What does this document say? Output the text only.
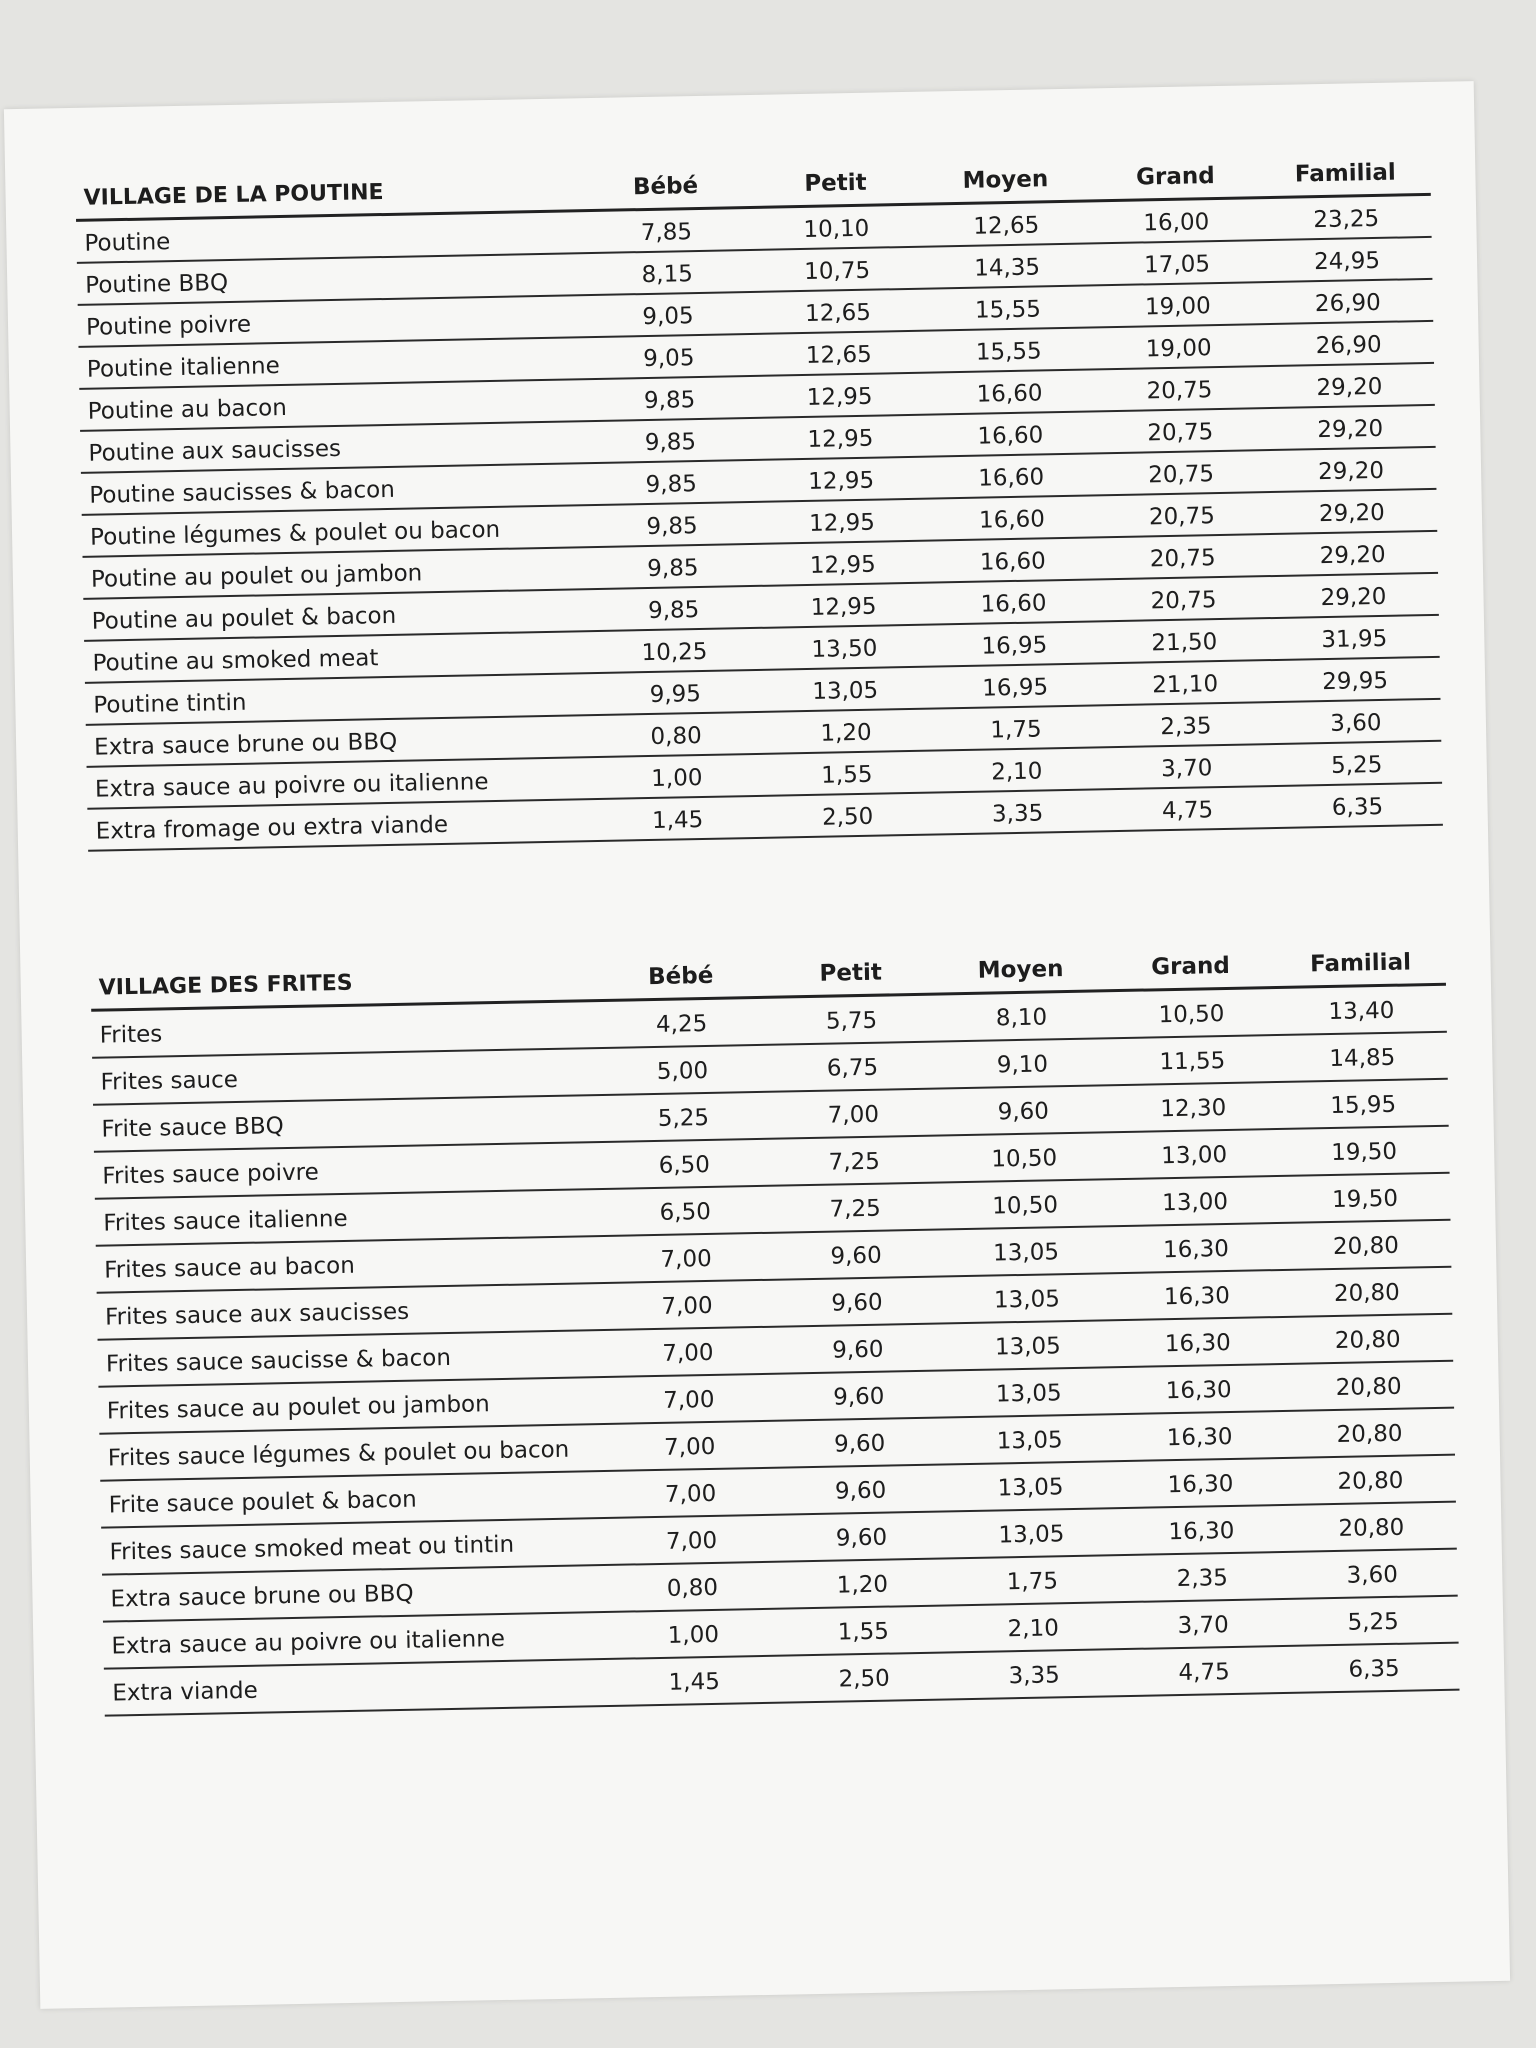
VILLAGE DE LA POUTINE	Bébé	Petit	Moyen	Grand	Familial
Poutine	7,85	10,10	12,65	16,00	23,25
Poutine BBQ	8,15	10,75	14,35	17,05	24,95
Poutine poivre	9,05	12,65	15,55	19,00	26,90
Poutine italienne	9,05	12,65	15,55	19,00	26,90
Poutine au bacon	9,85	12,95	16,60	20,75	29,20
Poutine aux saucisses	9,85	12,95	16,60	20,75	29,20
Poutine saucisses & bacon	9,85	12,95	16,60	20,75	29,20
Poutine légumes & poulet ou bacon	9,85	12,95	16,60	20,75	29,20
Poutine au poulet ou jambon	9,85	12,95	16,60	20,75	29,20
Poutine au poulet & bacon	9,85	12,95	16,60	20,75	29,20
Poutine au smoked meat	10,25	13,50	16,95	21,50	31,95
Poutine tintin	9,95	13,05	16,95	21,10	29,95
Extra sauce brune ou BBQ	0,80	1,20	1,75	2,35	3,60
Extra sauce au poivre ou italienne	1,00	1,55	2,10	3,70	5,25
Extra fromage ou extra viande	1,45	2,50	3,35	4,75	6,35
VILLAGE DES FRITES	Bébé	Petit	Moyen	Grand	Familial
Frites	4,25	5,75	8,10	10,50	13,40
Frites sauce	5,00	6,75	9,10	11,55	14,85
Frite sauce BBQ	5,25	7,00	9,60	12,30	15,95
Frites sauce poivre	6,50	7,25	10,50	13,00	19,50
Frites sauce italienne	6,50	7,25	10,50	13,00	19,50
Frites sauce au bacon	7,00	9,60	13,05	16,30	20,80
Frites sauce aux saucisses	7,00	9,60	13,05	16,30	20,80
Frites sauce saucisse & bacon	7,00	9,60	13,05	16,30	20,80
Frites sauce au poulet ou jambon	7,00	9,60	13,05	16,30	20,80
Frites sauce légumes & poulet ou bacon	7,00	9,60	13,05	16,30	20,80
Frite sauce poulet & bacon	7,00	9,60	13,05	16,30	20,80
Frites sauce smoked meat ou tintin	7,00	9,60	13,05	16,30	20,80
Extra sauce brune ou BBQ	0,80	1,20	1,75	2,35	3,60
Extra sauce au poivre ou italienne	1,00	1,55	2,10	3,70	5,25
Extra viande	1,45	2,50	3,35	4,75	6,35
